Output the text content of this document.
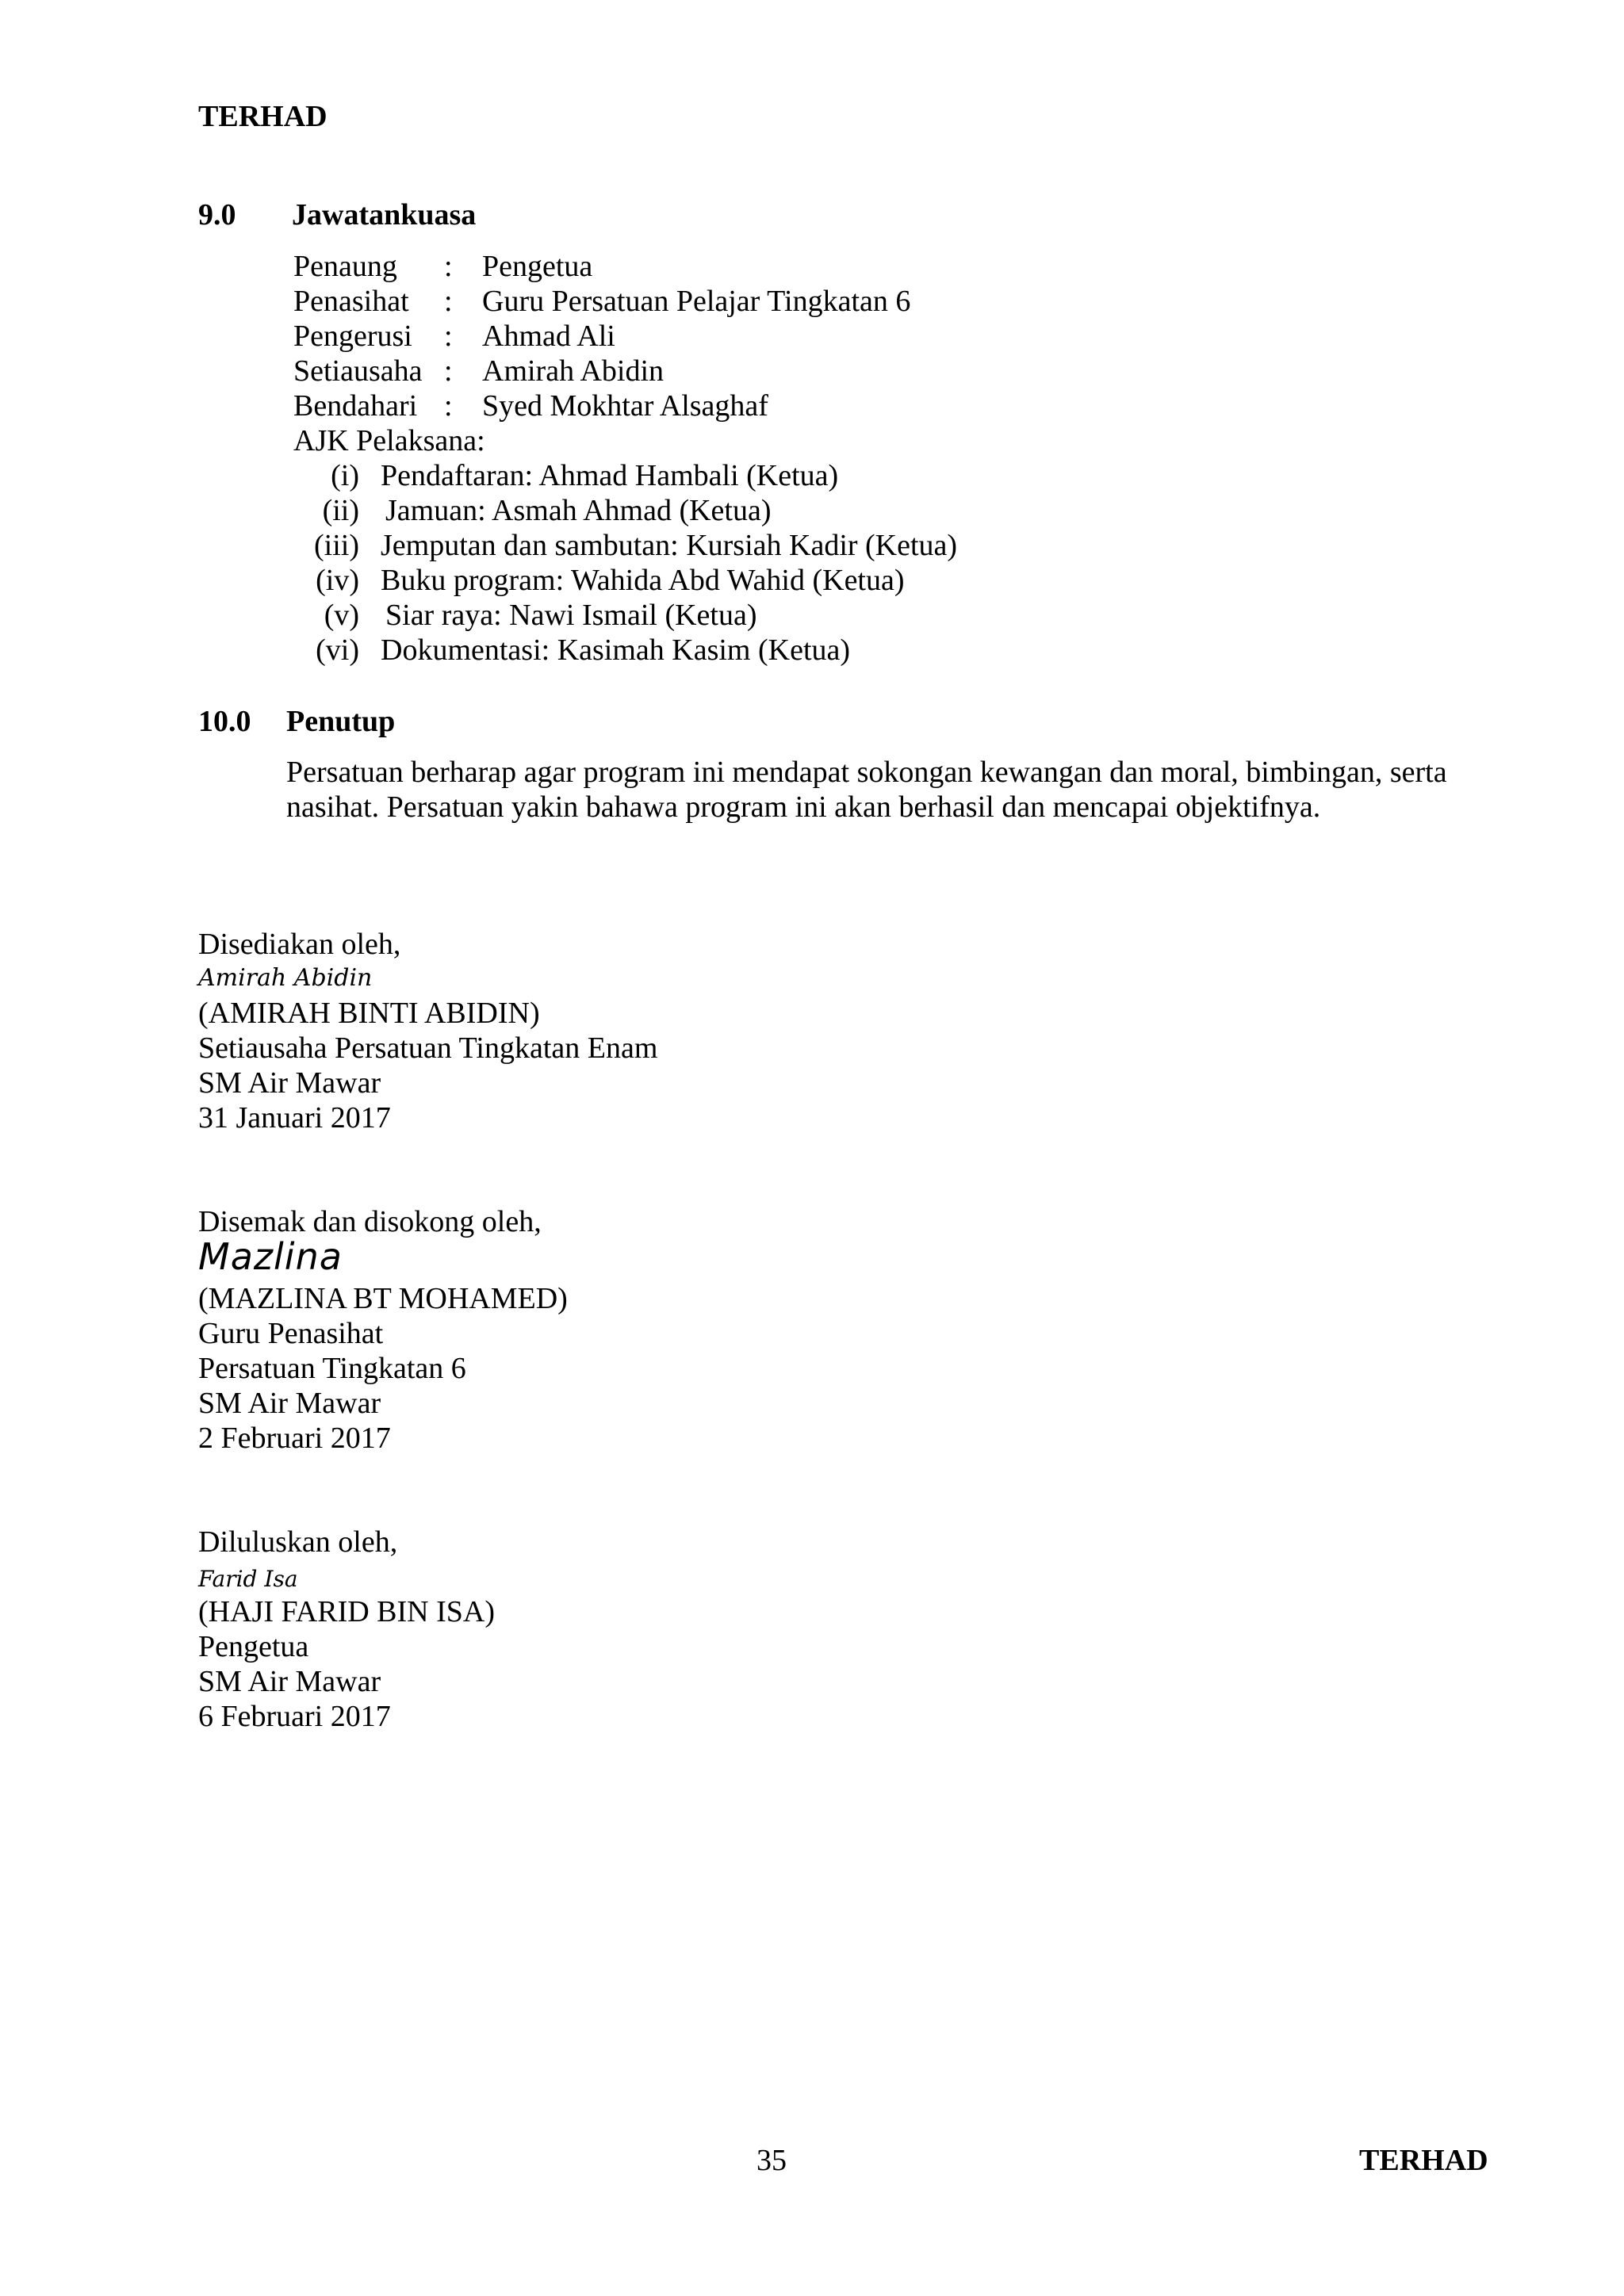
TERHAD
9.0 Jawatankuasa
Penaung : Pengetua
Penasihat : Guru Persatuan Pelajar Tingkatan 6
Pengerusi : Ahmad Ali
Setiausaha : Amirah Abidin
Bendahari : Syed Mokhtar Alsaghaf
AJK Pelaksana:
(i) Pendaftaran: Ahmad Hambali (Ketua)
(ii) Jamuan: Asmah Ahmad (Ketua)
(iii) Jemputan dan sambutan: Kursiah Kadir (Ketua)
(iv) Buku program: Wahida Abd Wahid (Ketua)
(v) Siar raya: Nawi Ismail (Ketua)
(vi) Dokumentasi: Kasimah Kasim (Ketua)
10.0 Penutup
Persatuan berharap agar program ini mendapat sokongan kewangan dan moral, bimbingan, serta nasihat. Persatuan yakin bahawa program ini akan berhasil dan mencapai objektifnya.
Disediakan oleh,
Amirah Abidin
(AMIRAH BINTI ABIDIN)
Setiausaha Persatuan Tingkatan Enam
SM Air Mawar
31 Januari 2017
Disemak dan disokong oleh,
Mazlina
(MAZLINA BT MOHAMED)
Guru Penasihat
Persatuan Tingkatan 6
SM Air Mawar
2 Februari 2017
Diluluskan oleh,
Farid Isa
(HAJI FARID BIN ISA)
Pengetua
SM Air Mawar
6 Februari 2017
35	TERHAD
